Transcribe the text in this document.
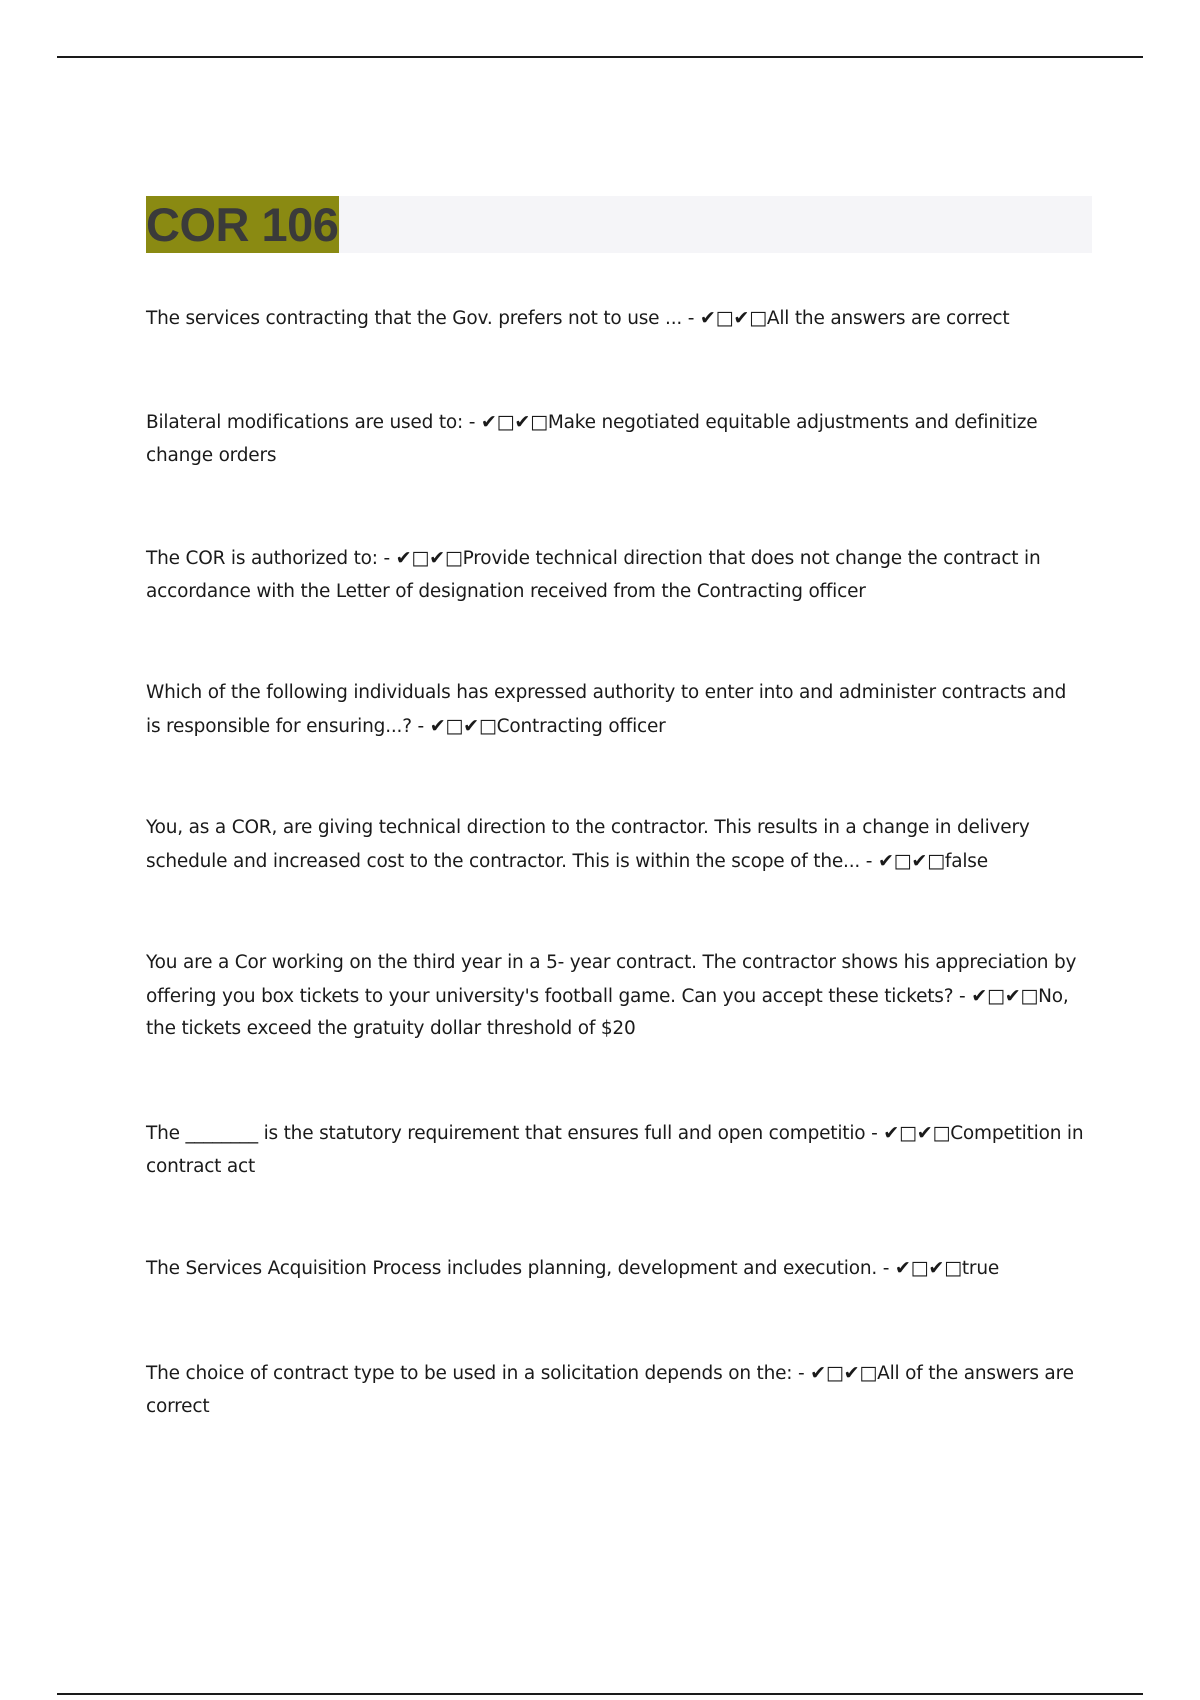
COR 106
The services contracting that the Gov. prefers not to use ... - ✔□✔□All the answers are correct
Bilateral modifications are used to: - ✔□✔□Make negotiated equitable adjustments and definitize change orders
The COR is authorized to: - ✔□✔□Provide technical direction that does not change the contract in accordance with the Letter of designation received from the Contracting officer
Which of the following individuals has expressed authority to enter into and administer contracts and is responsible for ensuring...? - ✔□✔□Contracting officer
You, as a COR, are giving technical direction to the contractor. This results in a change in delivery schedule and increased cost to the contractor. This is within the scope of the... - ✔□✔□false
You are a Cor working on the third year in a 5- year contract. The contractor shows his appreciation by offering you box tickets to your university's football game. Can you accept these tickets? - ✔□✔□No, the tickets exceed the gratuity dollar threshold of $20
The ________ is the statutory requirement that ensures full and open competitio - ✔□✔□Competition in contract act
The Services Acquisition Process includes planning, development and execution. - ✔□✔□true
The choice of contract type to be used in a solicitation depends on the: - ✔□✔□All of the answers are correct
